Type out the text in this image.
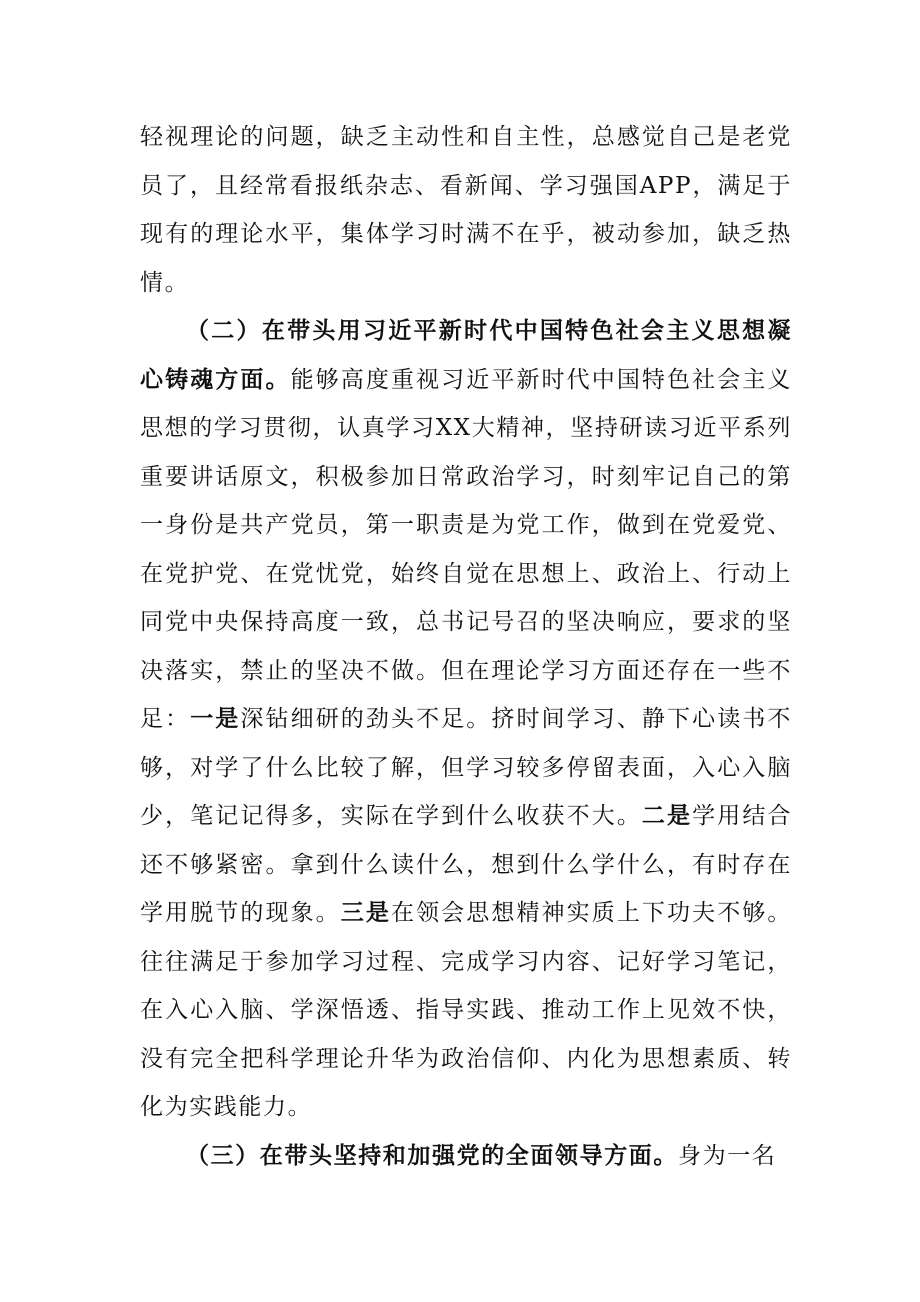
轻视理论的问题，缺乏主动性和自主性，总感觉自己是老党员了，且经常看报纸杂志、看新闻、学习强国APP，满足于现有的理论水平，集体学习时满不在乎，被动参加，缺乏热情。

（二）在带头用习近平新时代中国特色社会主义思想凝心铸魂方面。能够高度重视习近平新时代中国特色社会主义思想的学习贯彻，认真学习XX大精神，坚持研读习近平系列重要讲话原文，积极参加日常政治学习，时刻牢记自己的第一身份是共产党员，第一职责是为党工作，做到在党爱党、在党护党、在党忧党，始终自觉在思想上、政治上、行动上同党中央保持高度一致，总书记号召的坚决响应，要求的坚决落实，禁止的坚决不做。但在理论学习方面还存在一些不足：一是深钻细研的劲头不足。挤时间学习、静下心读书不够，对学了什么比较了解，但学习较多停留表面，入心入脑少，笔记记得多，实际在学到什么收获不大。二是学用结合还不够紧密。拿到什么读什么，想到什么学什么，有时存在学用脱节的现象。三是在领会思想精神实质上下功夫不够。往往满足于参加学习过程、完成学习内容、记好学习笔记，在入心入脑、学深悟透、指导实践、推动工作上见效不快，没有完全把科学理论升华为政治信仰、内化为思想素质、转化为实践能力。

（三）在带头坚持和加强党的全面领导方面。身为一名
